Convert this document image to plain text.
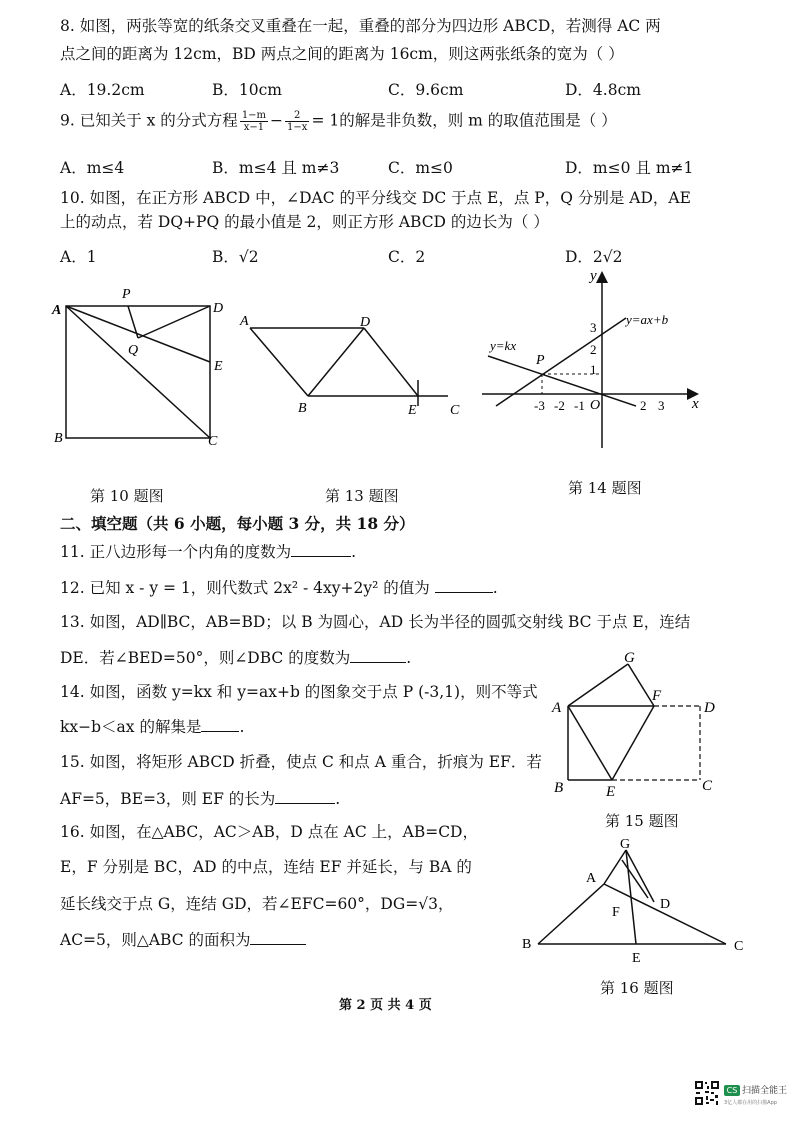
8. 如图，两张等宽的纸条交叉重叠在一起，重叠的部分为四边形 ABCD，若测得 AC 两
点之间的距离为 12cm，BD 两点之间的距离为 16cm，则这两张纸条的宽为（ ）
A．19.2cm	B．10cm	C．9.6cm	D．4.8cm
9. 已知关于 x 的分式方程 $\frac{1-m}{x-1} - \frac{2}{1-x} = 1$的解是非负数，则 m 的取值范围是（ ）
A．m≤4	B．m≤4 且 m≠3	C．m≤0	D．m≤0 且 m≠1
10. 如图，在正方形 ABCD 中，∠DAC 的平分线交 DC 于点 E，点 P，Q 分别是 AD，AE
上的动点，若 DQ+PQ 的最小值是 2，则正方形 ABCD 的边长为（ ）
A．1	B．√2	C．2	D．2√2
A
P
D
Q
E
B	C
第 10 题图
A	D
B	E C
第 13 题图
y
x
O
P
y=kx
y=ax+b
-3 -2 -1	2 3
3
2
1
第 14 题图
二、填空题（共 6 小题，每小题 3 分，共 18 分）
11. 正八边形每一个内角的度数为	.
12. 已知 x - y = 1，则代数式 2x² - 4xy+2y² 的值为	.
13. 如图，AD∥BC，AB=BD；以 B 为圆心，AD 长为半径的圆弧交射线 BC 于点 E，连结
DE．若∠BED=50°，则∠DBC 的度数为	.
14. 如图，函数 y=kx 和 y=ax+b 的图象交于点 P (-3,1)，则不等式
kx−b＜ax 的解集是 .
15. 如图，将矩形 ABCD 折叠，使点 C 和点 A 重合，折痕为 EF．若
AF=5，BE=3，则 EF 的长为	.
G
A
F
D
B	E	C
第 15 题图
16. 如图，在△ABC，AC＞AB，D 点在 AC 上，AB=CD，
E，F 分别是 BC，AD 的中点，连结 EF 并延长，与 BA 的
延长线交于点 G，连结 GD，若∠EFC=60°，DG=√3，
AC=5，则△ABC 的面积为
G
A
D
F
B
E
C
第 16 题图
第 2 页 共 4 页
CS 扫描全能王
3亿人都在用的扫描App
